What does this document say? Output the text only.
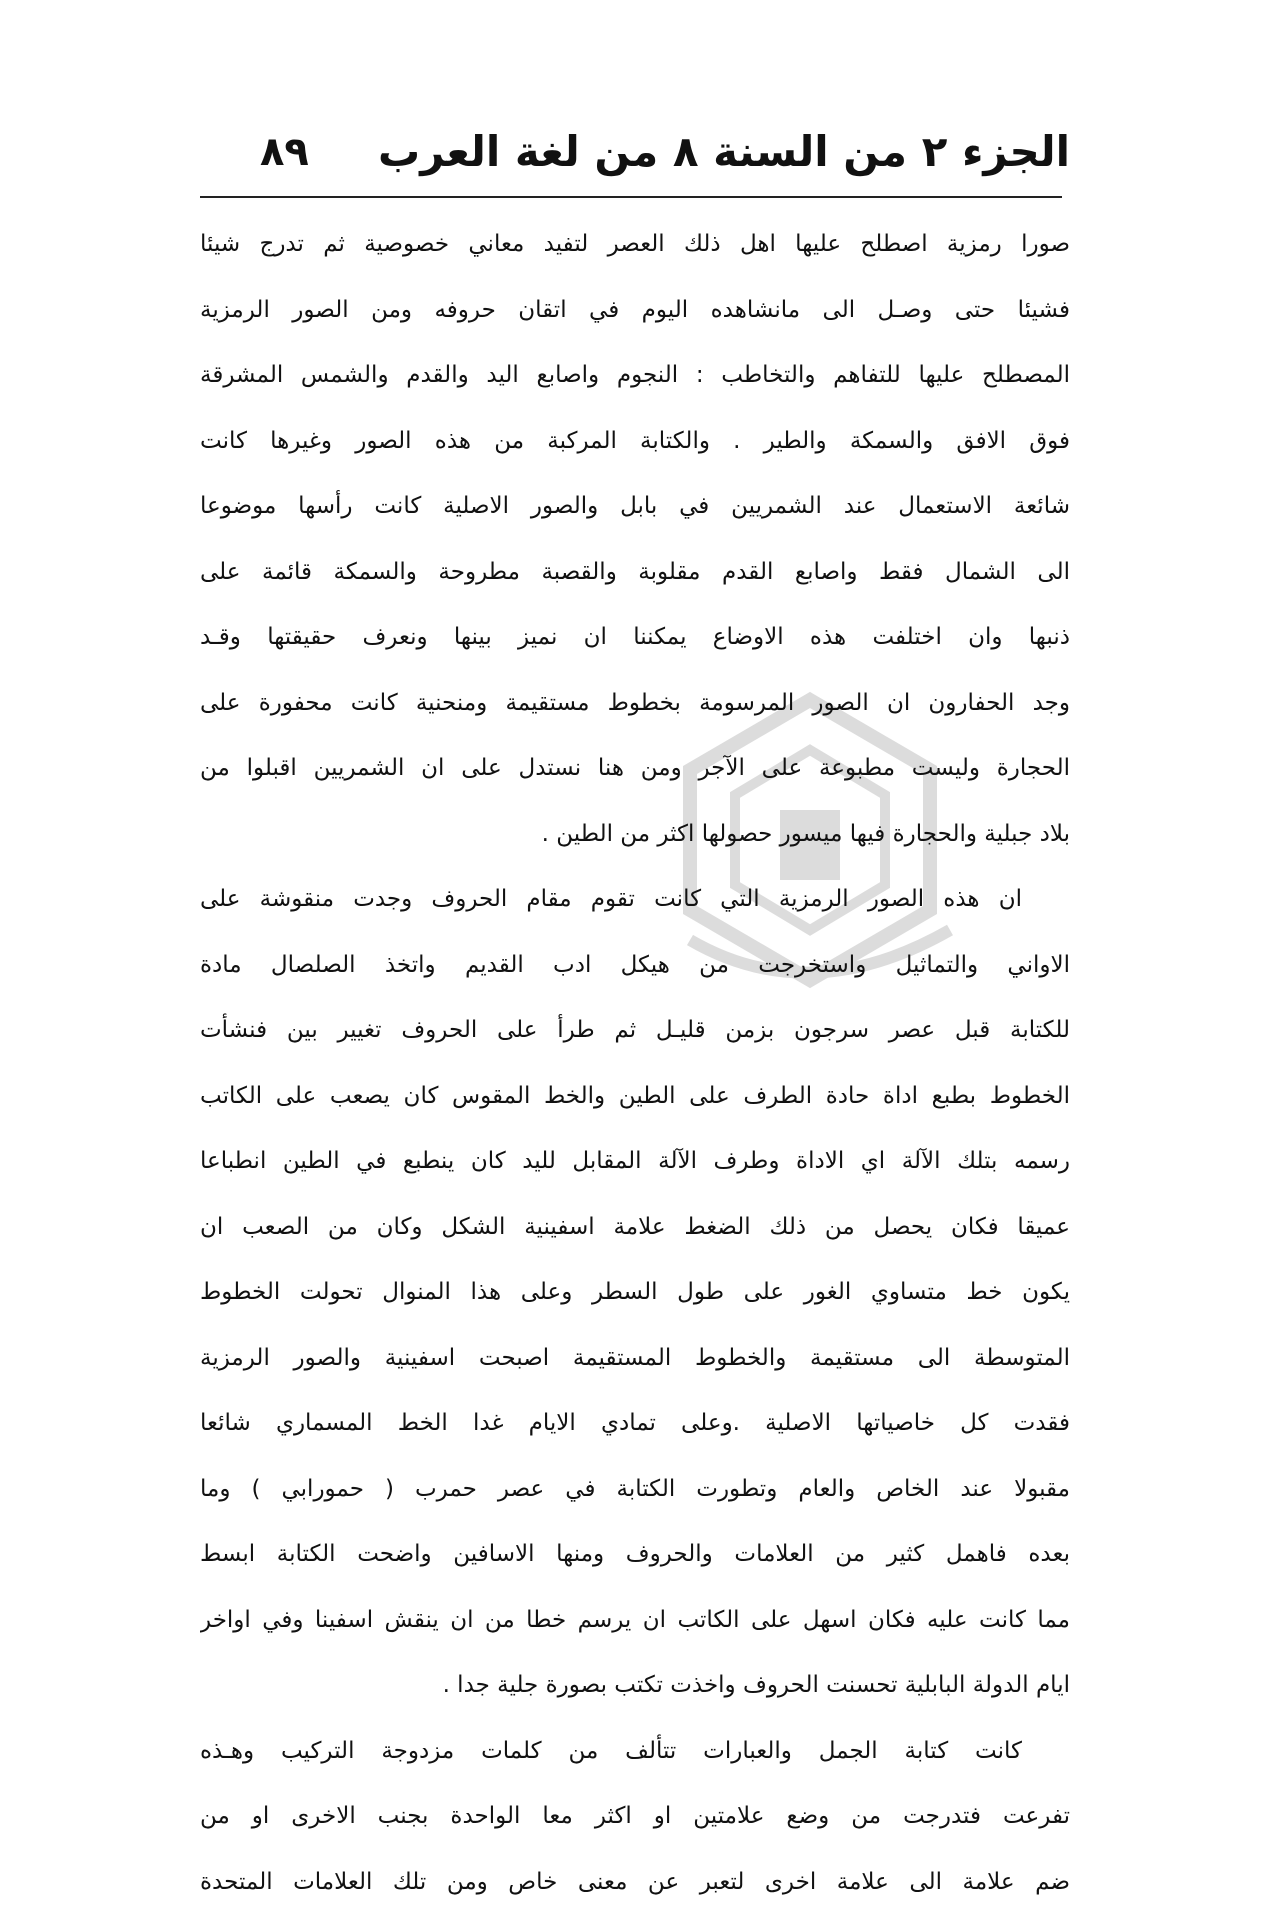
الجزء ٢ من السنة ٨ من لغة العرب
٨٩
صورا رمزية اصطلح عليها اهل ذلك العصر لتفيد معاني خصوصية ثم تدرج شيئا
فشيئا حتى وصـل الى مانشاهده اليوم في اتقان حروفه ومن الصور الرمزية
المصطلح عليها للتفاهم والتخاطب : النجوم واصابع اليد والقدم والشمس المشرقة
فوق الافق والسمكة والطير . والكتابة المركبة من هذه الصور وغيرها كانت
شائعة الاستعمال عند الشمريين في بابل والصور الاصلية كانت رأسها موضوعا
الى الشمال فقط واصابع القدم مقلوبة والقصبة مطروحة والسمكة قائمة على
ذنبها وان اختلفت هذه الاوضاع يمكننا ان نميز بينها ونعرف حقيقتها وقـد
وجد الحفارون ان الصور المرسومة بخطوط مستقيمة ومنحنية كانت محفورة على
الحجارة وليست مطبوعة على الآجر ومن هنا نستدل على ان الشمريين اقبلوا من
بلاد جبلية والحجارة فيها ميسور حصولها اكثر من الطين .
ان هذه الصور الرمزية التي كانت تقوم مقام الحروف وجدت منقوشة على
الاواني والتماثيل واستخرجت من هيكل ادب القديم واتخذ الصلصال مادة
للكتابة قبل عصر سرجون بزمن قليـل ثم طرأ على الحروف تغيير بين فنشأت
الخطوط بطبع اداة حادة الطرف على الطين والخط المقوس كان يصعب على الكاتب
رسمه بتلك الآلة اي الاداة وطرف الآلة المقابل لليد كان ينطبع في الطين انطباعا
عميقا فكان يحصل من ذلك الضغط علامة اسفينية الشكل وكان من الصعب ان
يكون خط متساوي الغور على طول السطر وعلى هذا المنوال تحولت الخطوط
المتوسطة الى مستقيمة والخطوط المستقيمة اصبحت اسفينية والصور الرمزية
فقدت كل خاصياتها الاصلية .وعلى تمادي الايام غدا الخط المسماري شائعا
مقبولا عند الخاص والعام وتطورت الكتابة في عصر حمرب ( حمورابي ) وما
بعده فاهمل كثير من العلامات والحروف ومنها الاسافين واضحت الكتابة ابسط
مما كانت عليه فكان اسهل على الكاتب ان يرسم خطا من ان ينقش اسفينا وفي اواخر
ايام الدولة البابلية تحسنت الحروف واخذت تكتب بصورة جلية جدا .
كانت كتابة الجمل والعبارات تتألف من كلمات مزدوجة التركيب وهـذه
تفرعت فتدرجت من وضع علامتين او اكثر معا الواحدة بجنب الاخرى او من
ضم علامة الى علامة اخرى لتعبر عن معنى خاص ومن تلك العلامات المتحدة
